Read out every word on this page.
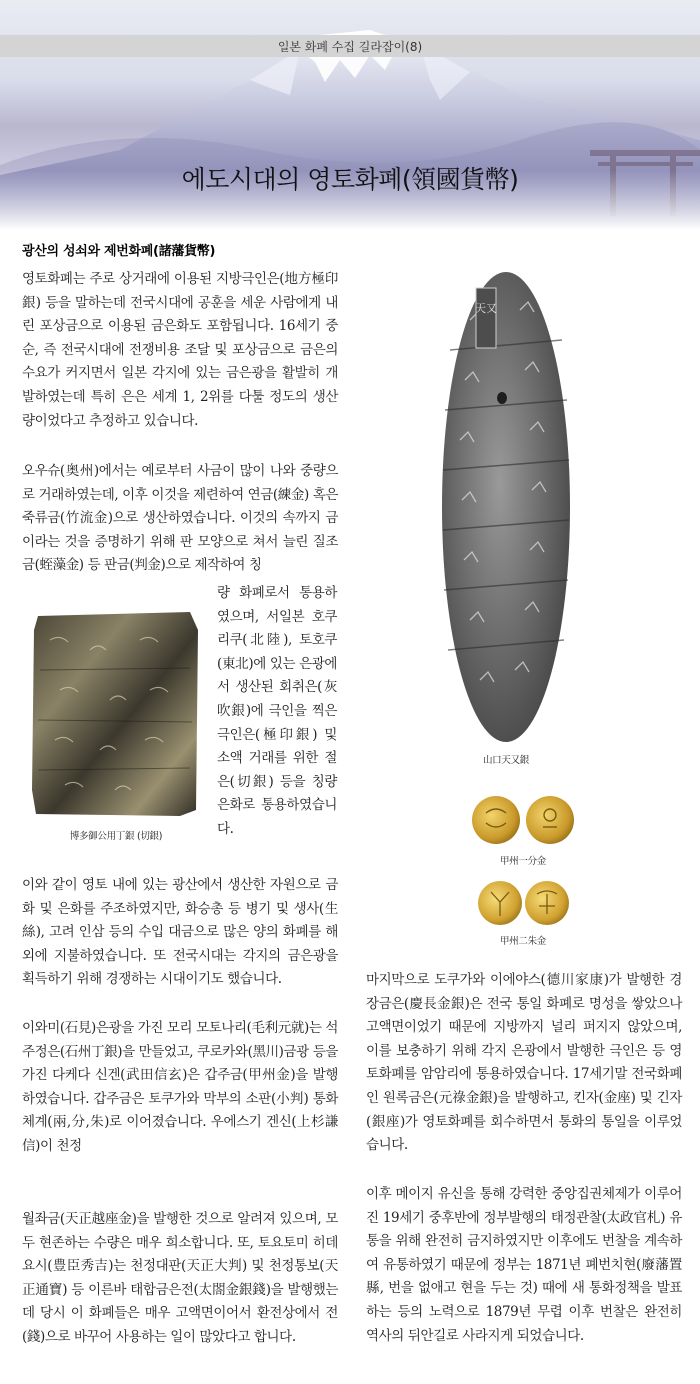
일본 화폐 수집 길라잡이(8)
에도시대의 영토화폐(領國貨幣)
광산의 성쇠와 제번화폐(諸藩貨幣)

영토화폐는 주로 상거래에 이용된 지방극인은(地方極印銀) 등을 말하는데 전국시대에 공훈을 세운 사람에게 내린 포상금으로 이용된 금은화도 포함됩니다. 16세기 중순, 즉 전국시대에 전쟁비용 조달 및 포상금으로 금은의 수요가 커지면서 일본 각지에 있는 금은광을 활발히 개발하였는데 특히 은은 세계 1, 2위를 다툴 정도의 생산량이었다고 추정하고 있습니다.

오우슈(奥州)에서는 예로부터 사금이 많이 나와 중량으로 거래하였는데, 이후 이것을 제련하여 연금(練金) 혹은 죽류금(竹流金)으로 생산하였습니다. 이것의 속까지 금이라는 것을 증명하기 위해 판 모양으로 쳐서 늘린 질조금(蛭藻金) 등 판금(判金)으로 제작하여 칭

량 화폐로서 통용하였으며, 서일본 호쿠리쿠(北陸), 토호쿠(東北)에 있는 은광에서 생산된 회취은(灰吹銀)에 극인을 찍은 극인은(極印銀) 및 소액 거래를 위한 절은(切銀) 등을 칭량 은화로 통용하였습니다.

博多御公用丁銀 (切銀)

이와 같이 영토 내에 있는 광산에서 생산한 자원으로 금화 및 은화를 주조하였지만, 화승총 등 병기 및 생사(生絲), 고려 인삼 등의 수입 대금으로 많은 양의 화폐를 해외에 지불하였습니다. 또 전국시대는 각지의 금은광을 획득하기 위해 경쟁하는 시대이기도 했습니다.

이와미(石見)은광을 가진 모리 모토나리(毛利元就)는 석주정은(石州丁銀)을 만들었고, 쿠로카와(黑川)금광 등을 가진 다케다 신겐(武田信玄)은 갑주금(甲州金)을 발행하였습니다. 갑주금은 토쿠가와 막부의 소판(小判) 통화 체계(兩,分,朱)로 이어졌습니다. 우에스기 겐신(上杉謙信)이 천정

월좌금(天正越座金)을 발행한 것으로 알려져 있으며, 모두 현존하는 수량은 매우 희소합니다. 또, 토요토미 히데요시(豊臣秀吉)는 천정대판(天正大判) 및 천정통보(天正通寶) 등 이른바 태합금은전(太閤金銀錢)을 발행했는데 당시 이 화폐들은 매우 고액면이어서 환전상에서 전(錢)으로 바꾸어 사용하는 일이 많았다고 합니다.

天又
山口天又銀
甲州一分金
甲州二朱金

마지막으로 도쿠가와 이에야스(德川家康)가 발행한 경장금은(慶長金銀)은 전국 통일 화폐로 명성을 쌓았으나 고액면이었기 때문에 지방까지 널리 퍼지지 않았으며, 이를 보충하기 위해 각지 은광에서 발행한 극인은 등 영토화폐를 암암리에 통용하였습니다. 17세기말 전국화폐인 원록금은(元祿金銀)을 발행하고, 킨자(金座) 및 긴자(銀座)가 영토화폐를 회수하면서 통화의 통일을 이루었습니다.

이후 메이지 유신을 통해 강력한 중앙집권체제가 이루어진 19세기 중후반에 정부발행의 태정관찰(太政官札) 유통을 위해 완전히 금지하였지만 이후에도 번찰을 계속하여 유통하였기 때문에 정부는 1871년 폐번치현(廢藩置縣, 번을 없애고 현을 두는 것) 때에 새 통화정책을 발표하는 등의 노력으로 1879년 무렵 이후 번찰은 완전히 역사의 뒤안길로 사라지게 되었습니다.
